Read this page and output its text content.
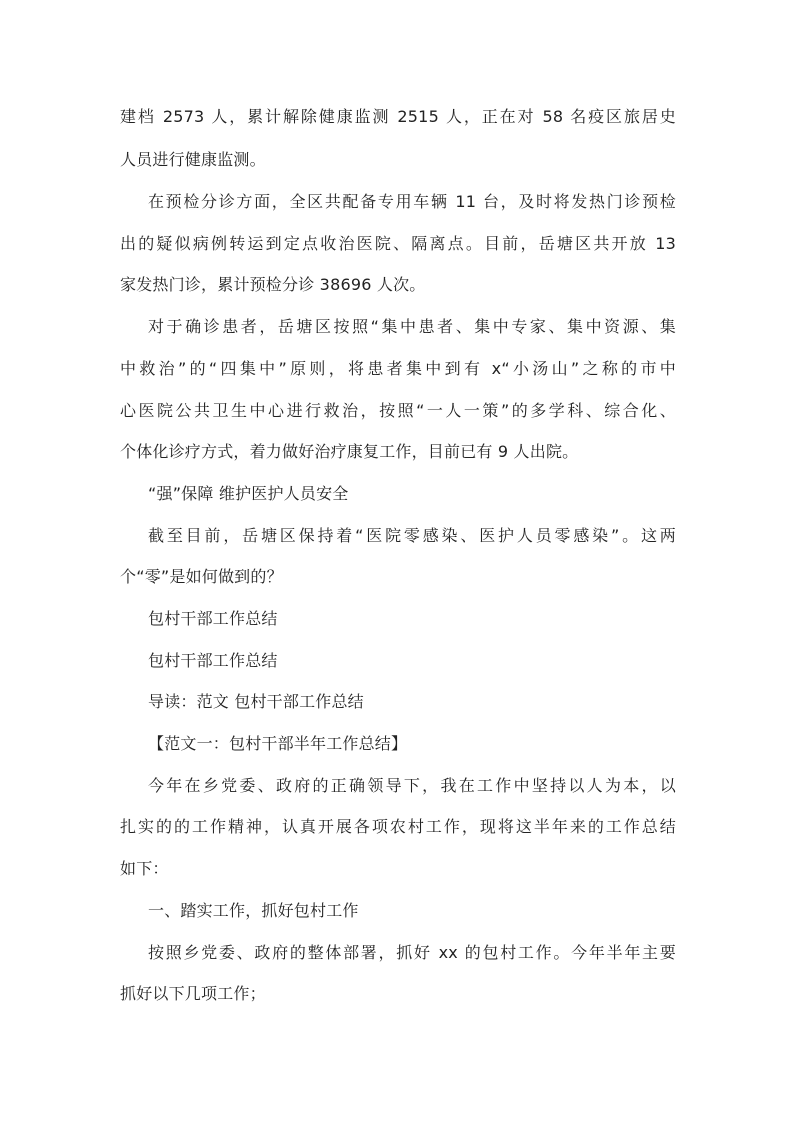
建档 2573 人，累计解除健康监测 2515 人，正在对 58 名疫区旅居史
人员进行健康监测。
在预检分诊方面，全区共配备专用车辆 11 台，及时将发热门诊预检
出的疑似病例转运到定点收治医院、隔离点。目前，岳塘区共开放 13
家发热门诊，累计预检分诊 38696 人次。
对于确诊患者，岳塘区按照“集中患者、集中专家、集中资源、集
中救治”的“四集中”原则，将患者集中到有 x“小汤山”之称的市中
心医院公共卫生中心进行救治，按照“一人一策”的多学科、综合化、
个体化诊疗方式，着力做好治疗康复工作，目前已有 9 人出院。
“强”保障 维护医护人员安全
截至目前，岳塘区保持着“医院零感染、医护人员零感染”。这两
个“零”是如何做到的？
包村干部工作总结
包村干部工作总结
导读：范文 包村干部工作总结
【范文一：包村干部半年工作总结】
今年在乡党委、政府的正确领导下，我在工作中坚持以人为本，以
扎实的的工作精神，认真开展各项农村工作，现将这半年来的工作总结
如下：
一、踏实工作，抓好包村工作
按照乡党委、政府的整体部署，抓好 xx 的包村工作。今年半年主要
抓好以下几项工作；
